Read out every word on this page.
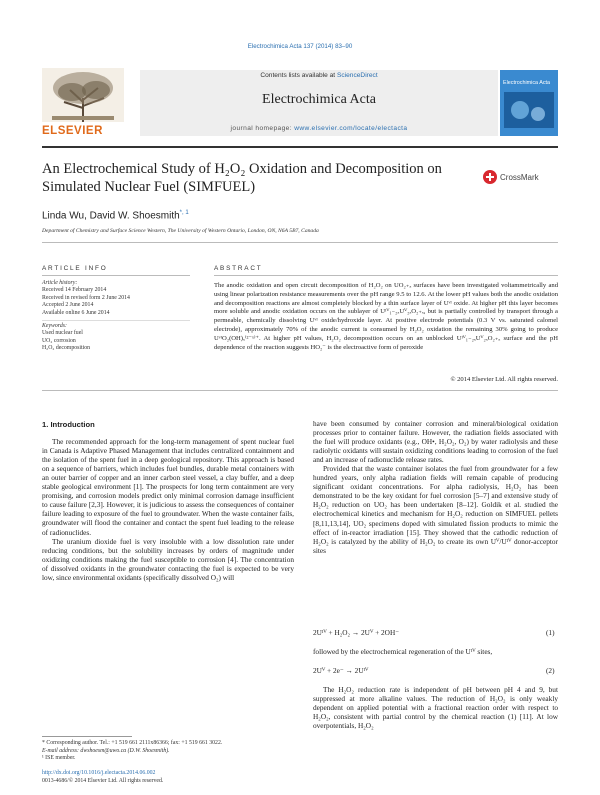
Electrochimica Acta 137 (2014) 83–90
ELSEVIER
Contents lists available at ScienceDirect
Electrochimica Acta
journal homepage: www.elsevier.com/locate/electacta
Electrochimica Acta
An Electrochemical Study of H₂O₂ Oxidation and Decomposition on
Simulated Nuclear Fuel (SIMFUEL)
CrossMark
Linda Wu, David W. Shoesmith$^{*, 1}$
Department of Chemistry and Surface Science Western, The University of Western Ontario, London, ON, N6A 5B7, Canada
ARTICLE INFO
Article history:
Received 14 February 2014
Received in revised form 2 June 2014
Accepted 2 June 2014
Available online 6 June 2014
Keywords:
Used nuclear fuel
UO₂ corrosion
H₂O₂ decomposition
ABSTRACT
The anodic oxidation and open circuit decomposition of H₂O₂ on UO₂₊ₓ surfaces have been investigated voltammetrically and using linear polarization resistance measurements over the pH range 9.5 to 12.6. At the lower pH values both the anodic oxidation and decomposition reactions are almost completely blocked by a thin surface layer of Uᵛᴵ oxide. At higher pH this layer becomes more soluble and anodic oxidation occurs on the sublayer of Uᴵⱽ₁₋₂ₓUⱽ₂ₓO₂₊ₓ, but is partially controlled by transport through a permeable, chemically dissolving Uᵛᴵ oxide/hydroxide layer. At positive electrode potentials (0.3 V vs. saturated calomel electrode), approximately 70% of the anodic current is consumed by H₂O₂ oxidation the remaining 30% going to produce UᵛᴵO₂(OH)ₓ⁽²⁻ˣ⁾⁺. At higher pH values, H₂O₂ decomposition occurs on an unblocked Uᴵⱽ₁₋₂ₓUⱽ₂ₓO₂₊ₓ surface and the pH dependence of the reaction suggests HO₂⁻ is the electroactive form of peroxide
© 2014 Elsevier Ltd. All rights reserved.
1. Introduction

The recommended approach for the long-term management of spent nuclear fuel in Canada is Adaptive Phased Management that includes centralized containment and the isolation of the spent fuel in a deep geological repository. This approach is based on a sequence of barriers, which includes fuel bundles, durable metal containers with an outer barrier of copper and an inner carbon steel vessel, a clay buffer, and a deep stable geological environment [1]. The prospects for long term containment are very promising, and corrosion models predict only minimal corrosion damage insufficient to cause failure [2,3]. However, it is judicious to assess the consequences of container failure leading to exposure of the fuel to groundwater. When the waste container fails, groundwater will flood the container and contact the spent fuel leading to the release of radionuclides.

The uranium dioxide fuel is very insoluble with a low dissolution rate under reducing conditions, but the solubility increases by orders of magnitude under oxidizing conditions making the fuel susceptible to corrosion [4]. The concentration of dissolved oxidants in the groundwater contacting the fuel is expected to be very low, since environmental oxidants (specifically dissolved O₂) will

have been consumed by container corrosion and mineral/biological oxidation processes prior to container failure. However, the radiation fields associated with the fuel will produce oxidants (e.g., OH•, H₂O₂, O₂) by water radiolysis and these radiolytic oxidants will sustain oxidizing conditions leading to corrosion of the fuel and an increase of radionuclide release rates.

Provided that the waste container isolates the fuel from groundwater for a few hundred years, only alpha radiation fields will remain capable of producing significant oxidant concentrations. For alpha radiolysis, H₂O₂ has been demonstrated to be the key oxidant for fuel corrosion [5–7] and extensive study of H₂O₂ reduction on UO₂ has been undertaken [8–12]. Goldik et al. studied the electrochemical kinetics and mechanism for H₂O₂ reduction on SIMFUEL pellets [8,11,13,14], UO₂ specimens doped with simulated fission products to mimic the effect of in-reactor irradiation [15]. They showed that the cathodic reduction of H₂O₂ is catalyzed by the ability of H₂O₂ to create its own Uⱽ/Uᴵⱽ donor-acceptor sites

2Uᴵⱽ + H₂O₂ → 2Uⱽ + 2OH⁻	(1)
followed by the electrochemical regeneration of the Uᴵⱽ sites,
2Uⱽ + 2e⁻ → 2Uᴵⱽ	(2)

The H₂O₂ reduction rate is independent of pH between pH 4 and 9, but suppressed at more alkaline values. The reduction of H₂O₂ is only weakly dependent on applied potential with a fractional reaction order with respect to H₂O₂, consistent with partial control by the chemical reaction (1) [11]. At low overpotentials, H₂O₂

* Corresponding author. Tel.: +1 519 661 2111x86366; fax: +1 519 661 3022.
E-mail address: dwshoesm@uwo.ca (D.W. Shoesmith).
¹ ISE member.
http://dx.doi.org/10.1016/j.electacta.2014.06.002
0013-4686/© 2014 Elsevier Ltd. All rights reserved.
